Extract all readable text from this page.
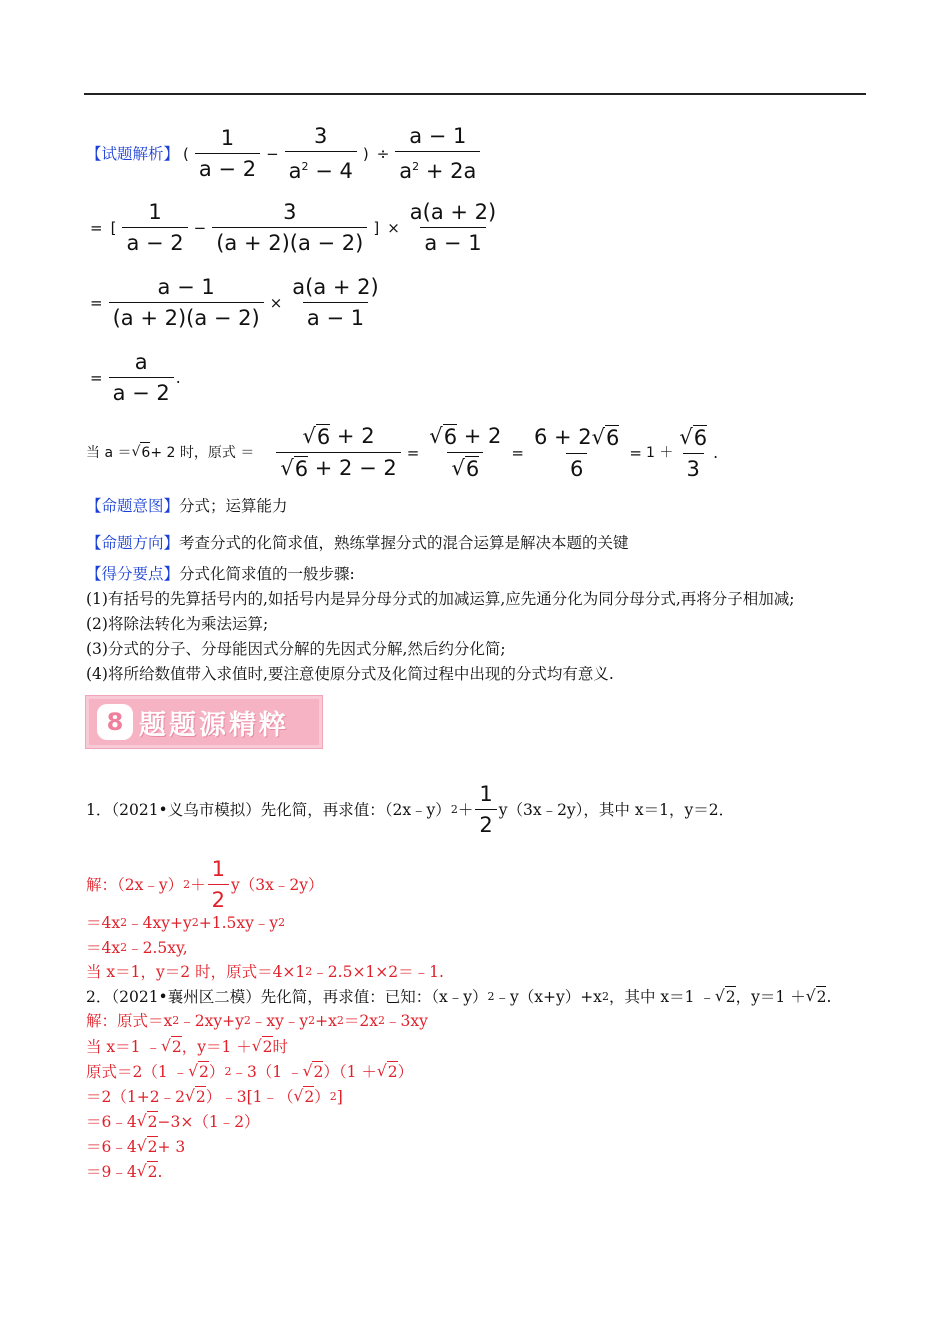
【试题解析】 ( $\frac{1}{a - 2} - \frac{3}{a^2 - 4}$ ) ÷ $\frac{a - 1}{a^2 + 2a}$
= [ $\frac{1}{a - 2} - \frac{3}{(a + 2)(a - 2)}$ ] × $\frac{a(a + 2)}{a - 1}$
= $\frac{a - 1}{(a + 2)(a - 2)} \times \frac{a(a + 2)}{a - 1}$
= $\frac{a}{a - 2}$ .
当 a ＝ √ 6 + 2 时，原式 ＝ $\frac{√ 6 + 2}{√ 6 + 2 - 2} = \frac{√ 6 + 2}{√ 6} = \frac{6 + 2 √ 6}{6} = 1 + \frac{√ 6}{3}$ .
【命题意图】 分式；运算能力
【命题方向】 考查分式的化简求值，熟练掌握分式的混合运算是解决本题的关键
【得分要点】 分式化简求值的一般步骤:
(1)有括号的先算括号内的,如括号内是异分母分式的加减运算,应先通分化为同分母分式,再将分子相加减;
(2)将除法转化为乘法运算;
(3)分式的分子、分母能因式分解的先因式分解,然后约分化简;
(4)将所给数值带入求值时,要注意使原分式及化简过程中出现的分式均有意义.
8 题题源精粹
1．（2021•义乌市模拟）先化简，再求值：（2x﹣y） $2 + \frac{1}{2}$ y（3x﹣2y），其中 x＝1，y＝2．
解：（2x﹣y） $2 + \frac{1}{2}$ y（3x﹣2y）
＝4x 2 ﹣4xy+y 2 +1.5xy﹣y 2
＝4x 2 ﹣2.5xy,
当 x＝1，y＝2 时，原式＝4×1 2 ﹣2.5×1×2＝﹣1.
2．（2021•襄州区二模）先化简，再求值：已知：（x﹣y） 2 ﹣y（x+y）+x 2 ，其中 x＝1 ﹣ √ 2 ，y＝1 ＋ √ 2 .
解：原式＝x 2 ﹣2xy+y 2 ﹣xy﹣y 2 +x 2 ＝2x 2 ﹣3xy
当 x＝1 ﹣ √ 2 ，y＝1 ＋ √ 2 时
原式＝2（1 ﹣ √ 2 ） 2 ﹣3（1 ﹣ √ 2 ）（1 ＋ √ 2 ）
＝2（1+2﹣2 √ 2 ）﹣3[1﹣（ √ 2 ） 2 ]
＝6﹣4 √ 2 −3×（1﹣2）
＝6﹣4 √ 2 + 3
＝9﹣4 √ 2 .
